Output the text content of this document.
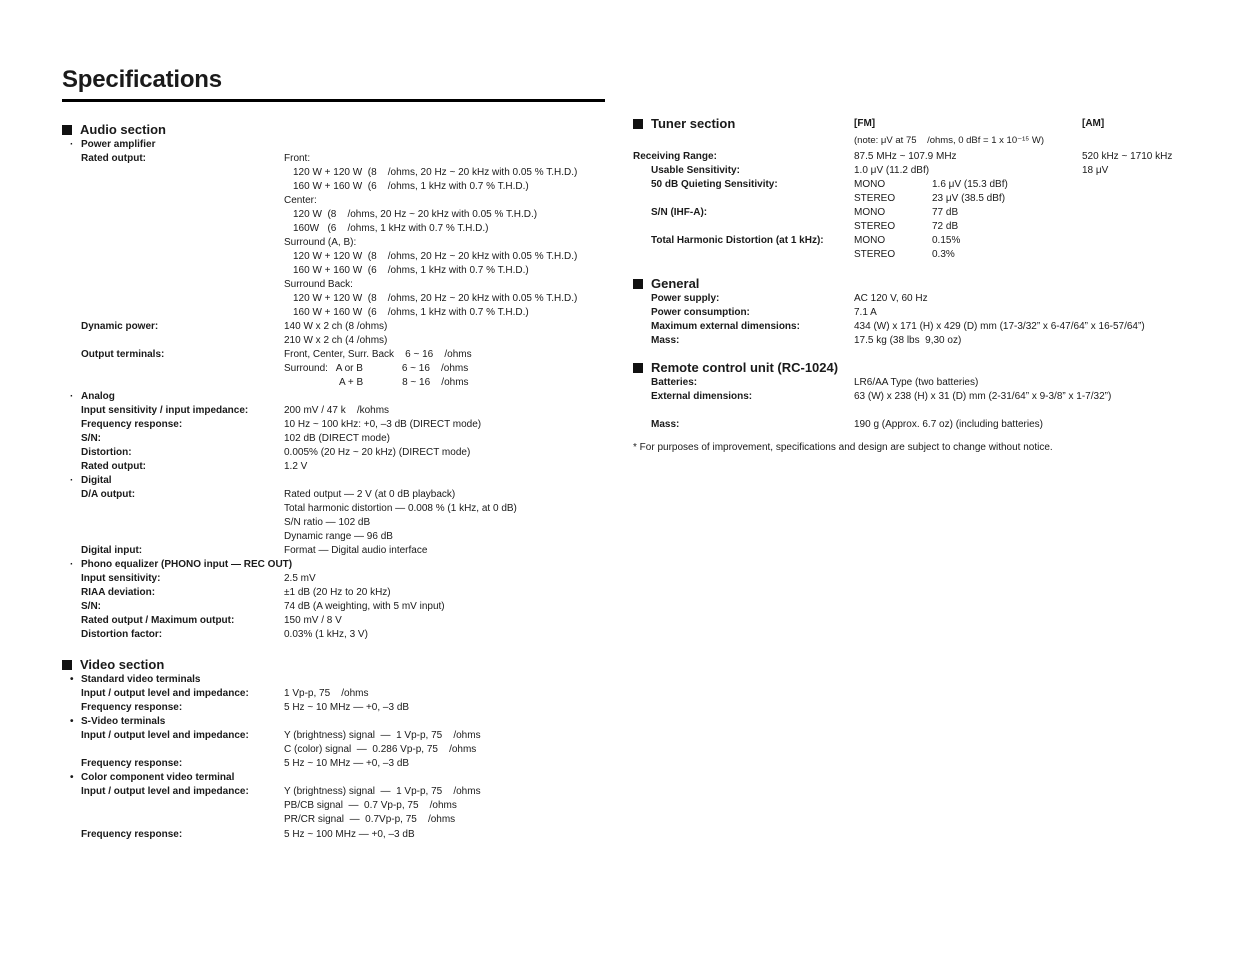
Specifications
Audio section
· Power amplifier
Rated output:	Front:
120 W + 120 W  (8    /ohms, 20 Hz ~ 20 kHz with 0.05 % T.H.D.)
160 W + 160 W  (6    /ohms, 1 kHz with 0.7 % T.H.D.)
Center:
120 W  (8    /ohms, 20 Hz ~ 20 kHz with 0.05 % T.H.D.)
160W   (6    /ohms, 1 kHz with 0.7 % T.H.D.)
Surround (A, B):
120 W + 120 W  (8    /ohms, 20 Hz ~ 20 kHz with 0.05 % T.H.D.)
160 W + 160 W  (6    /ohms, 1 kHz with 0.7 % T.H.D.)
Surround Back:
120 W + 120 W  (8    /ohms, 20 Hz ~ 20 kHz with 0.05 % T.H.D.)
160 W + 160 W  (6    /ohms, 1 kHz with 0.7 % T.H.D.)
Dynamic power:	140 W x 2 ch (8 /ohms)
210 W x 2 ch (4 /ohms)
Output terminals:	Front, Center, Surr. Back    6 ~ 16    /ohms
Surround:   A or B              6 ~ 16    /ohms
A + B              8 ~ 16    /ohms
· Analog
Input sensitivity / input impedance:	200 mV / 47 k    /kohms
Frequency response:	10 Hz ~ 100 kHz: +0, –3 dB (DIRECT mode)
S/N:	102 dB (DIRECT mode)
Distortion:	0.005% (20 Hz ~ 20 kHz) (DIRECT mode)
Rated output:	1.2 V
· Digital
D/A output:	Rated output — 2 V (at 0 dB playback)
Total harmonic distortion — 0.008 % (1 kHz, at 0 dB)
S/N ratio — 102 dB
Dynamic range — 96 dB
Digital input:	Format — Digital audio interface
· Phono equalizer (PHONO input — REC OUT)
Input sensitivity:	2.5 mV
RIAA deviation:	±1 dB (20 Hz to 20 kHz)
S/N:	74 dB (A weighting, with 5 mV input)
Rated output / Maximum output:	150 mV / 8 V
Distortion factor:	0.03% (1 kHz, 3 V)
Video section
• Standard video terminals
Input / output level and impedance:	1 Vp-p, 75    /ohms
Frequency response:	5 Hz ~ 10 MHz — +0, –3 dB
• S-Video terminals
Input / output level and impedance:	Y (brightness) signal  —  1 Vp-p, 75    /ohms
C (color) signal  —  0.286 Vp-p, 75    /ohms
Frequency response:	5 Hz ~ 10 MHz — +0, –3 dB
• Color component video terminal
Input / output level and impedance:	Y (brightness) signal  —  1 Vp-p, 75    /ohms
PB/CB signal  —  0.7 Vp-p, 75    /ohms
PR/CR signal  —  0.7Vp-p, 75    /ohms
Frequency response:	5 Hz ~ 100 MHz — +0, –3 dB
Tuner section	[FM]	[AM]
(note: μV at 75    /ohms, 0 dBf = 1 x 10⁻¹⁵ W)
Receiving Range:	87.5 MHz ~ 107.9 MHz	520 kHz ~ 1710 kHz
Usable Sensitivity:	1.0 μV (11.2 dBf)	18 μV
50 dB Quieting Sensitivity:	MONO	1.6 μV (15.3 dBf)
STEREO	23 μV (38.5 dBf)
S/N (IHF-A):	MONO	77 dB
STEREO	72 dB
Total Harmonic Distortion (at 1 kHz):	MONO	0.15%
STEREO	0.3%
General
Power supply:	AC 120 V, 60 Hz
Power consumption:	7.1 A
Maximum external dimensions:	434 (W) x 171 (H) x 429 (D) mm (17-3/32” x 6-47/64” x 16-57/64”)
Mass:	17.5 kg (38 lbs  9,30 oz)
Remote control unit (RC-1024)
Batteries:	LR6/AA Type (two batteries)
External dimensions:	63 (W) x 238 (H) x 31 (D) mm (2-31/64” x 9-3/8” x 1-7/32”)
Mass:	190 g (Approx. 6.7 oz) (including batteries)
* For purposes of improvement, specifications and design are subject to change without notice.
